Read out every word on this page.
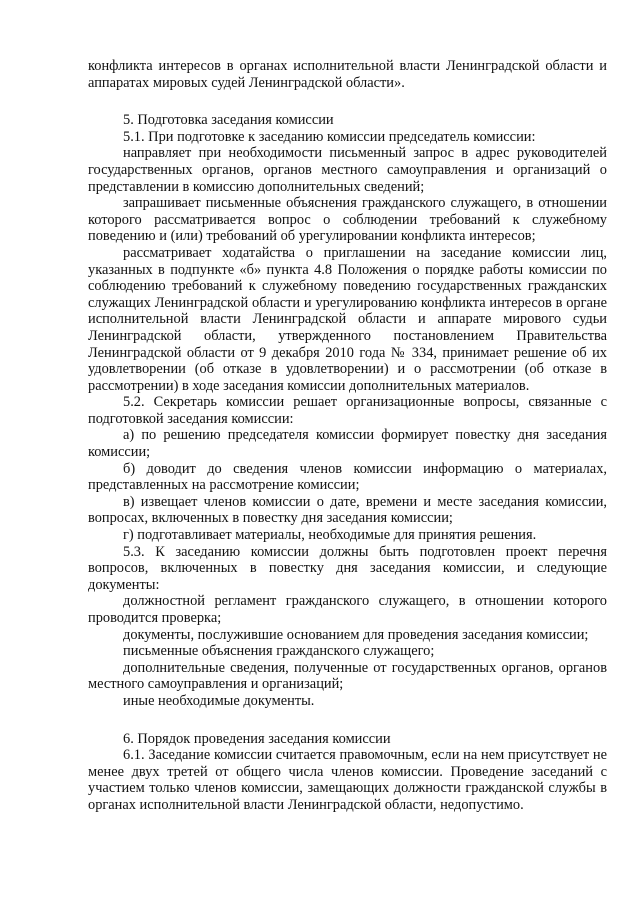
конфликта интересов в органах исполнительной власти Ленинградской области и аппаратах мировых судей Ленинградской области».

5. Подготовка заседания комиссии

5.1. При подготовке к заседанию комиссии председатель комиссии:

направляет при необходимости письменный запрос в адрес руководителей государственных органов, органов местного самоуправления и организаций о представлении в комиссию дополнительных сведений;

запрашивает письменные объяснения гражданского служащего, в отношении которого рассматривается вопрос о соблюдении требований к служебному поведению и (или) требований об урегулировании конфликта интересов;

рассматривает ходатайства о приглашении на заседание комиссии лиц, указанных в подпункте «б» пункта 4.8 Положения о порядке работы комиссии по соблюдению требований к служебному поведению государственных гражданских служащих Ленинградской области и урегулированию конфликта интересов в органе исполнительной власти Ленинградской области и аппарате мирового судьи Ленинградской области, утвержденного постановлением Правительства Ленинградской области от 9 декабря 2010 года № 334, принимает решение об их удовлетворении (об отказе в удовлетворении) и о рассмотрении (об отказе в рассмотрении) в ходе заседания комиссии дополнительных материалов.

5.2. Секретарь комиссии решает организационные вопросы, связанные с подготовкой заседания комиссии:

а) по решению председателя комиссии формирует повестку дня заседания комиссии;

б) доводит до сведения членов комиссии информацию о материалах, представленных на рассмотрение комиссии;

в) извещает членов комиссии о дате, времени и месте заседания комиссии, вопросах, включенных в повестку дня заседания комиссии;

г) подготавливает материалы, необходимые для принятия решения.

5.3. К заседанию комиссии должны быть подготовлен проект перечня вопросов, включенных в повестку дня заседания комиссии, и следующие документы:

должностной регламент гражданского служащего, в отношении которого проводится проверка;

документы, послужившие основанием для проведения заседания комиссии;

письменные объяснения гражданского служащего;

дополнительные сведения, полученные от государственных органов, органов местного самоуправления и организаций;

иные необходимые документы.

6. Порядок проведения заседания комиссии

6.1. Заседание комиссии считается правомочным, если на нем присутствует не менее двух третей от общего числа членов комиссии. Проведение заседаний с участием только членов комиссии, замещающих должности гражданской службы в органах исполнительной власти Ленинградской области, недопустимо.
